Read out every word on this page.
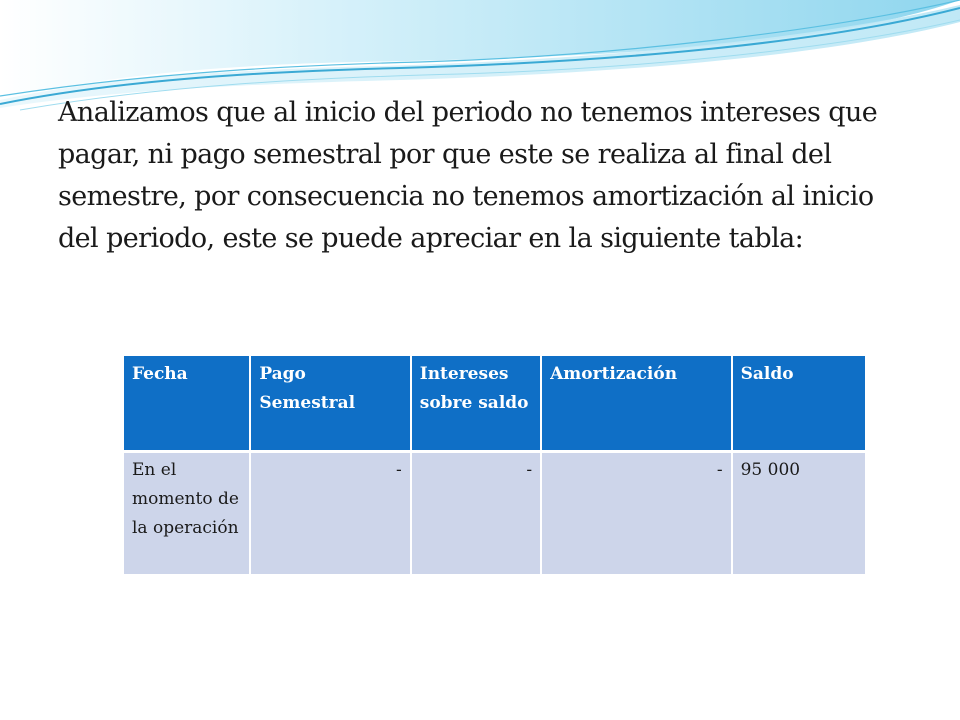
Analizamos que al inicio del periodo no tenemos intereses que pagar, ni pago semestral por que este se realiza al final del semestre, por consecuencia no tenemos amortización al inicio del periodo, este se puede apreciar en la siguiente tabla:

Fecha	Pago Semestral	Intereses sobre saldo	Amortización	Saldo
En el momento de la operación	-	-	-	95 000
